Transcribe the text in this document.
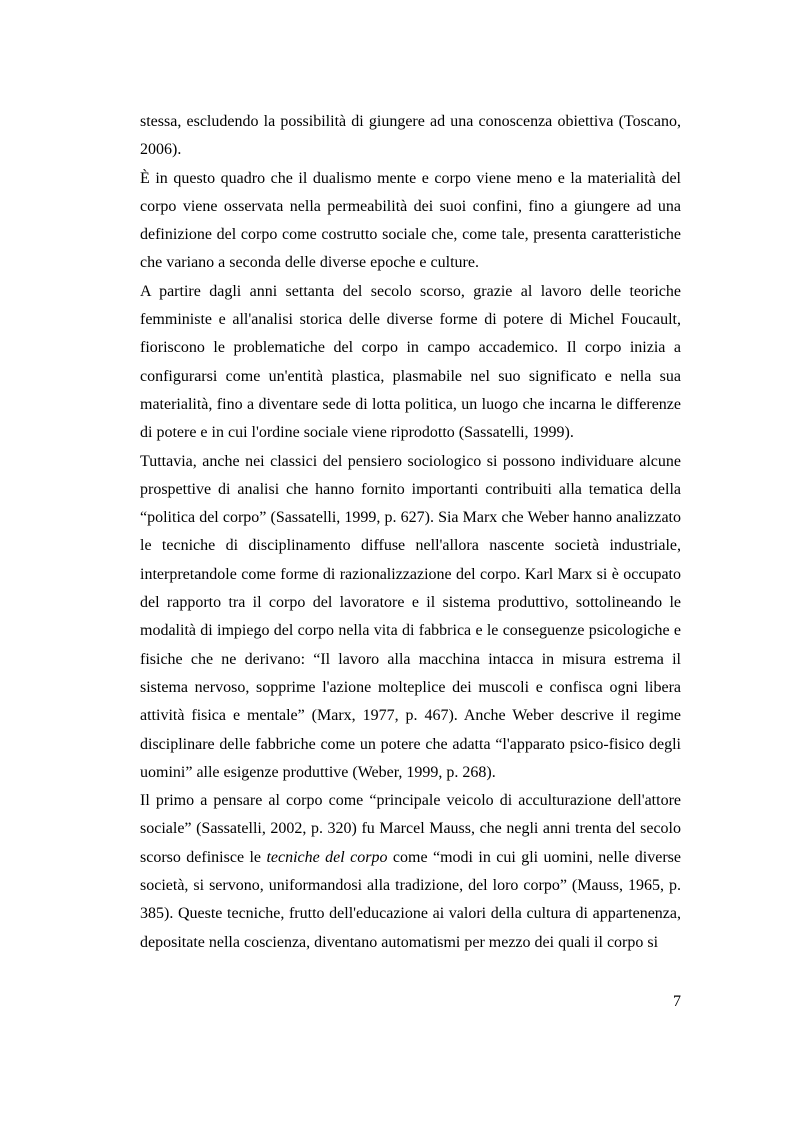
stessa, escludendo la possibilità di giungere ad una conoscenza obiettiva (Toscano, 2006).

È in questo quadro che il dualismo mente e corpo viene meno e la materialità del corpo viene osservata nella permeabilità dei suoi confini, fino a giungere ad una definizione del corpo come costrutto sociale che, come tale, presenta caratteristiche che variano a seconda delle diverse epoche e culture.

A partire dagli anni settanta del secolo scorso, grazie al lavoro delle teoriche femministe e all'analisi storica delle diverse forme di potere di Michel Foucault, fioriscono le problematiche del corpo in campo accademico. Il corpo inizia a configurarsi come un'entità plastica, plasmabile nel suo significato e nella sua materialità, fino a diventare sede di lotta politica, un luogo che incarna le differenze di potere e in cui l'ordine sociale viene riprodotto (Sassatelli, 1999).

Tuttavia, anche nei classici del pensiero sociologico si possono individuare alcune prospettive di analisi che hanno fornito importanti contribuiti alla tematica della “politica del corpo” (Sassatelli, 1999, p. 627). Sia Marx che Weber hanno analizzato le tecniche di disciplinamento diffuse nell'allora nascente società industriale, interpretandole come forme di razionalizzazione del corpo. Karl Marx si è occupato del rapporto tra il corpo del lavoratore e il sistema produttivo, sottolineando le modalità di impiego del corpo nella vita di fabbrica e le conseguenze psicologiche e fisiche che ne derivano: “Il lavoro alla macchina intacca in misura estrema il sistema nervoso, sopprime l'azione molteplice dei muscoli e confisca ogni libera attività fisica e mentale” (Marx, 1977, p. 467). Anche Weber descrive il regime disciplinare delle fabbriche come un potere che adatta “l'apparato psico-fisico degli uomini” alle esigenze produttive (Weber, 1999, p. 268).

Il primo a pensare al corpo come “principale veicolo di acculturazione dell'attore sociale” (Sassatelli, 2002, p. 320) fu Marcel Mauss, che negli anni trenta del secolo scorso definisce le tecniche del corpo come “modi in cui gli uomini, nelle diverse società, si servono, uniformandosi alla tradizione, del loro corpo” (Mauss, 1965, p. 385). Queste tecniche, frutto dell'educazione ai valori della cultura di appartenenza, depositate nella coscienza, diventano automatismi per mezzo dei quali il corpo si

7
